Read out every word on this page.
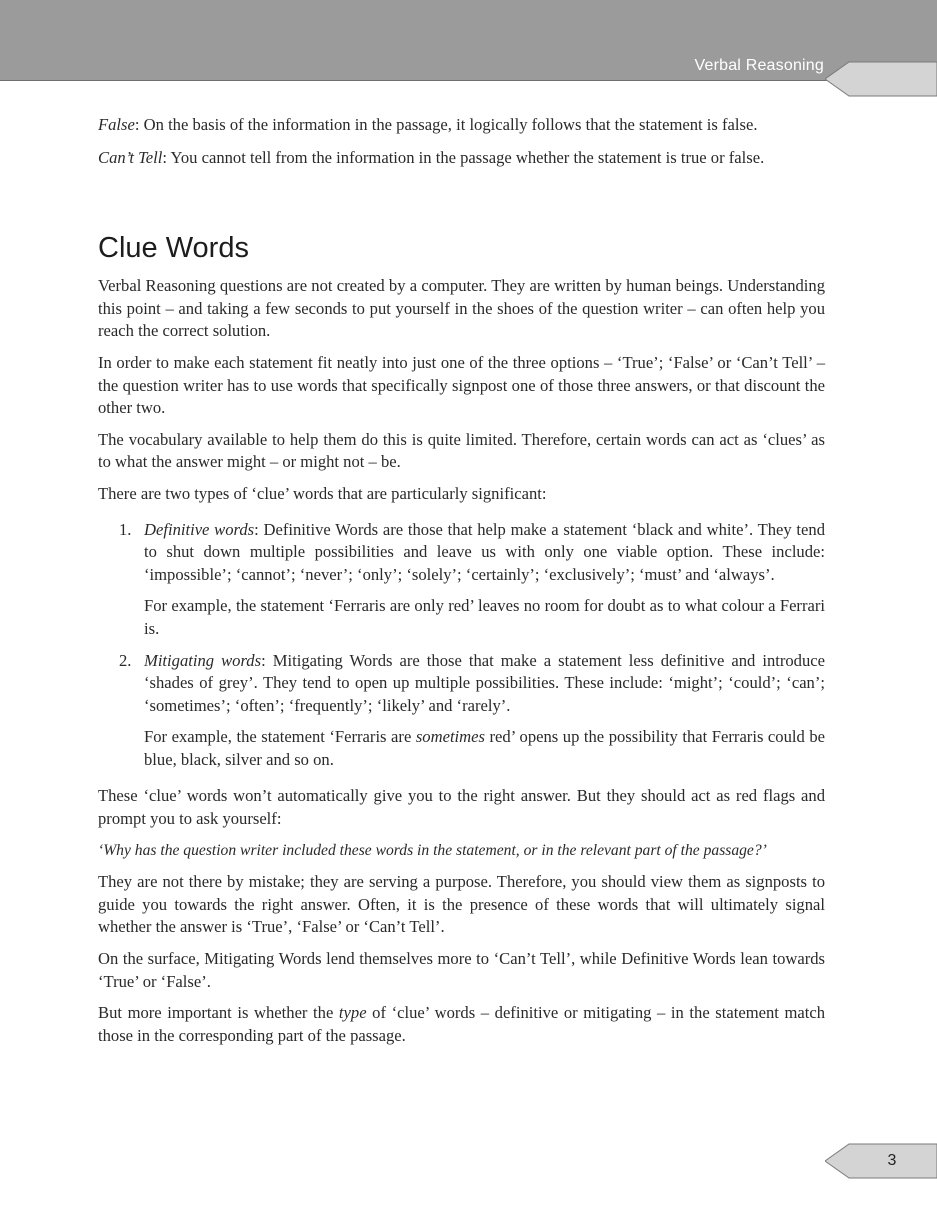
Verbal Reasoning

False: On the basis of the information in the passage, it logically follows that the statement is false.

Can’t Tell: You cannot tell from the information in the passage whether the statement is true or false.

Clue Words

Verbal Reasoning questions are not created by a computer. They are written by human beings. Understanding this point – and taking a few seconds to put yourself in the shoes of the question writer – can often help you reach the correct solution.

In order to make each statement fit neatly into just one of the three options – ‘True’; ‘False’ or ‘Can’t Tell’ – the question writer has to use words that specifically signpost one of those three answers, or that discount the other two.

The vocabulary available to help them do this is quite limited. Therefore, certain words can act as ‘clues’ as to what the answer might – or might not – be.

There are two types of ‘clue’ words that are particularly significant:

1. Definitive words: Definitive Words are those that help make a statement ‘black and white’. They tend to shut down multiple possibilities and leave us with only one viable option. These include: ‘impossible’; ‘cannot’; ‘never’; ‘only’; ‘solely’; ‘certainly’; ‘exclusively’; ‘must’ and ‘always’.

For example, the statement ‘Ferraris are only red’ leaves no room for doubt as to what colour a Ferrari is.

2. Mitigating words: Mitigating Words are those that make a statement less definitive and introduce ‘shades of grey’. They tend to open up multiple possibilities. These include: ‘might’; ‘could’; ‘can’; ‘sometimes’; ‘often’; ‘frequently’; ‘likely’ and ‘rarely’.

For example, the statement ‘Ferraris are sometimes red’ opens up the possibility that Ferraris could be blue, black, silver and so on.

These ‘clue’ words won’t automatically give you to the right answer. But they should act as red flags and prompt you to ask yourself:

‘Why has the question writer included these words in the statement, or in the relevant part of the passage?’

They are not there by mistake; they are serving a purpose. Therefore, you should view them as signposts to guide you towards the right answer. Often, it is the presence of these words that will ultimately signal whether the answer is ‘True’, ‘False’ or ‘Can’t Tell’.

On the surface, Mitigating Words lend themselves more to ‘Can’t Tell’, while Definitive Words lean towards ‘True’ or ‘False’.

But more important is whether the type of ‘clue’ words – definitive or mitigating – in the statement match those in the corresponding part of the passage.

3
